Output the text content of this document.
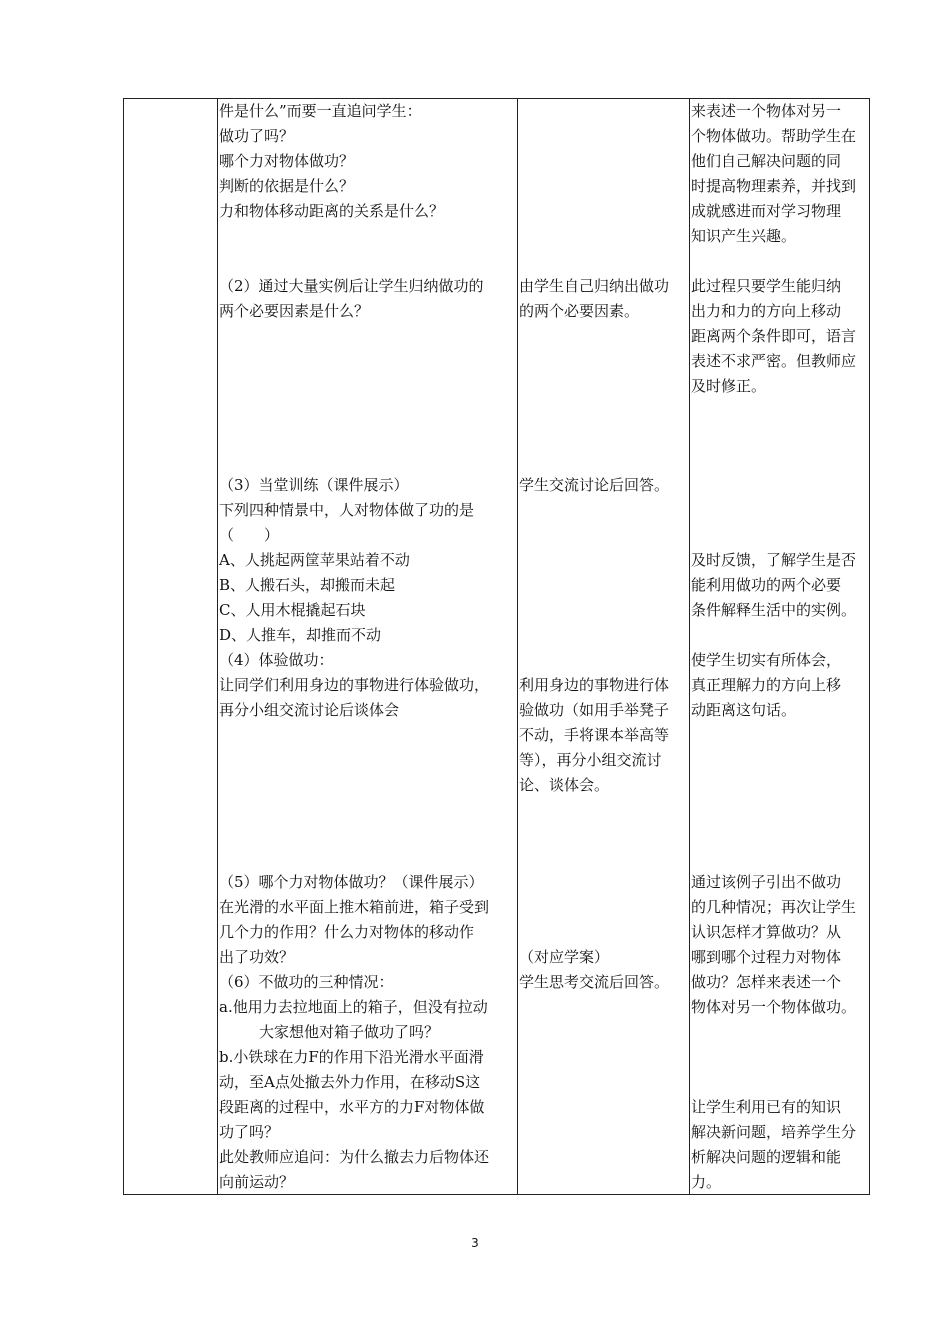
件是什么”而要一直追问学生：
做功了吗？
哪个力对物体做功？
判断的依据是什么？
力和物体移动距离的关系是什么？
（2）通过大量实例后让学生归纳做功的
两个必要因素是什么？
（3）当堂训练（课件展示）
下列四种情景中，人对物体做了功的是
（　　）
A、人挑起两筐苹果站着不动
B、人搬石头，却搬而未起
C、人用木棍撬起石块
D、人推车，却推而不动
（4）体验做功：
让同学们利用身边的事物进行体验做功，
再分小组交流讨论后谈体会
（5）哪个力对物体做功？（课件展示）
在光滑的水平面上推木箱前进，箱子受到
几个力的作用？什么力对物体的移动作
出了功效？
（6）不做功的三种情况：
a.他用力去拉地面上的箱子，但没有拉动
大家想他对箱子做功了吗？
b.小铁球在力F的作用下沿光滑水平面滑
动，至A点处撤去外力作用，在移动S这
段距离的过程中，水平方的力F对物体做
功了吗？
此处教师应追问：为什么撤去力后物体还
向前运动？
由学生自己归纳出做功
的两个必要因素。
学生交流讨论后回答。
利用身边的事物进行体
验做功（如用手举凳子
不动，手将课本举高等
等），再分小组交流讨
论、谈体会。
（对应学案）
学生思考交流后回答。
来表述一个物体对另一
个物体做功。帮助学生在
他们自己解决问题的同
时提高物理素养，并找到
成就感进而对学习物理
知识产生兴趣。
此过程只要学生能归纳
出力和力的方向上移动
距离两个条件即可，语言
表述不求严密。但教师应
及时修正。
及时反馈，了解学生是否
能利用做功的两个必要
条件解释生活中的实例。
使学生切实有所体会，
真正理解力的方向上移
动距离这句话。
通过该例子引出不做功
的几种情况；再次让学生
认识怎样才算做功？从
哪到哪个过程力对物体
做功？怎样来表述一个
物体对另一个物体做功。
让学生利用已有的知识
解决新问题，培养学生分
析解决问题的逻辑和能
力。
3
